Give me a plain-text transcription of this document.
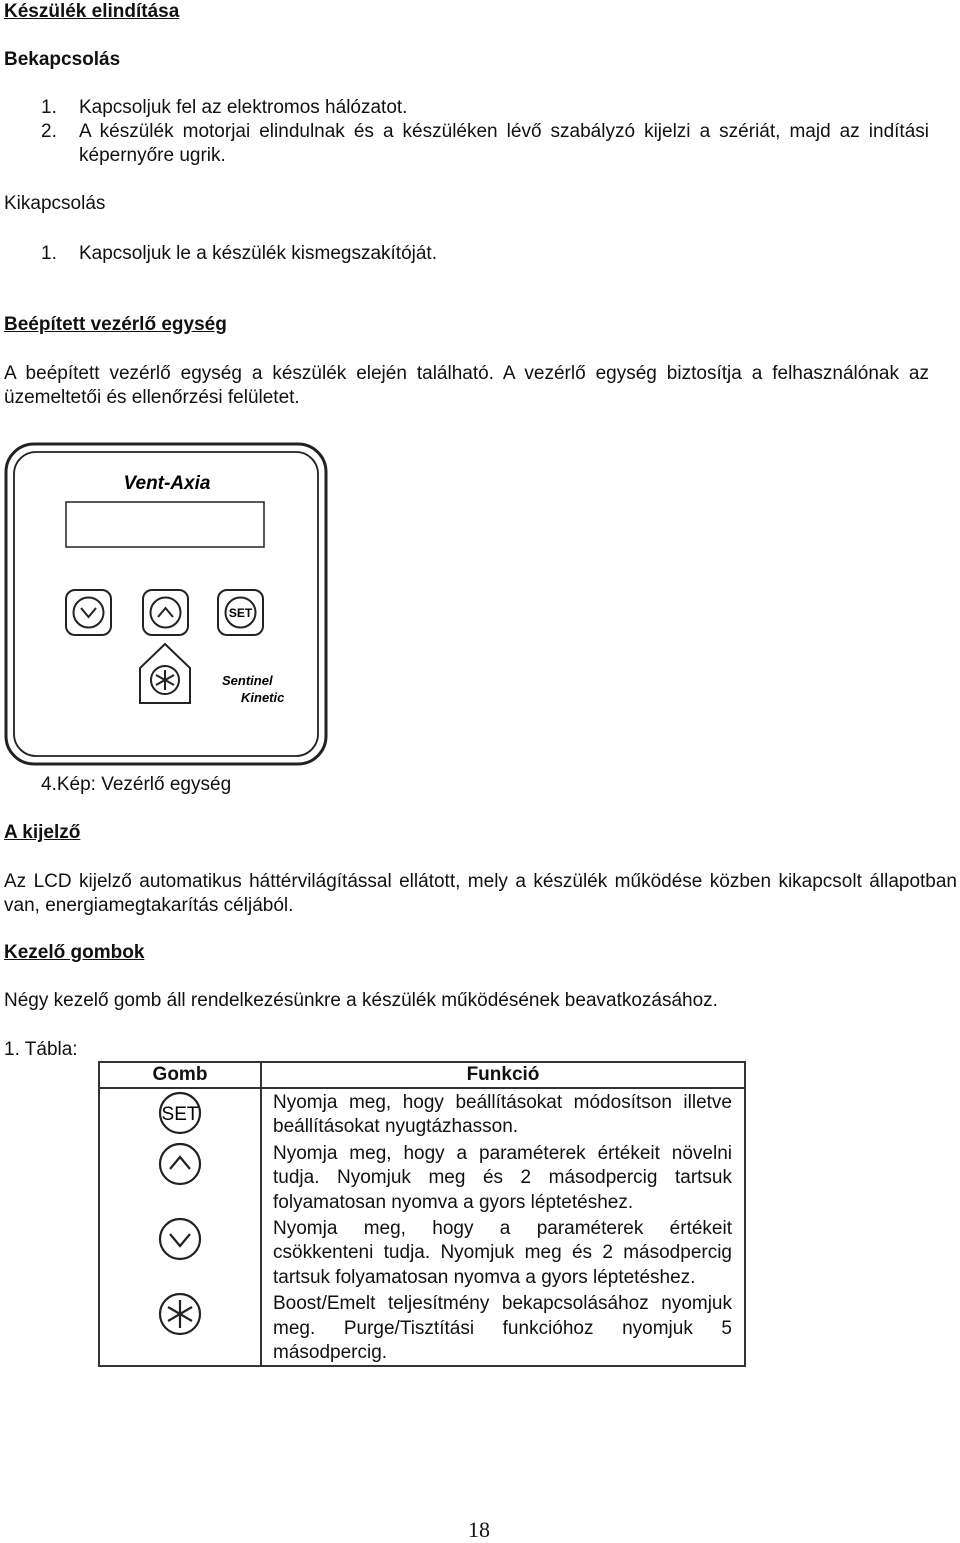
Készülék elindítása
Bekapcsolás
1. Kapcsoljuk fel az elektromos hálózatot.
2.	A készülék motorjai elindulnak és a készüléken lévő szabályzó kijelzi a szériát, majd az indítási képernyőre ugrik.
Kikapcsolás
1. Kapcsoljuk le a készülék kismegszakítóját.
Beépített vezérlő egység
A beépített vezérlő egység a készülék elején található. A vezérlő egység biztosítja a felhasználónak az üzemeltetői és ellenőrzési felületet.
Vent-Axia
SET
Sentinel
Kinetic
4.Kép: Vezérlő egység
A kijelző
Az LCD kijelző automatikus háttérvilágítással ellátott, mely a készülék működése közben kikapcsolt állapotban van, energiamegtakarítás céljából.
Kezelő gombok
Négy kezelő gomb áll rendelkezésünkre a készülék működésének beavatkozásához.
1. Tábla:
Gomb	Funkció

SET	Nyomja meg, hogy beállításokat módosítson illetve beállításokat nyugtázhasson.

	Nyomja meg, hogy a paraméterek értékeit növelni tudja. Nyomjuk meg és 2 másodpercig tartsuk folyamatosan nyomva a gyors léptetéshez.

	Nyomja meg, hogy a paraméterek értékeit csökkenteni tudja. Nyomjuk meg és 2 másodpercig tartsuk folyamatosan nyomva a gyors léptetéshez.

	Boost/Emelt teljesítmény bekapcsolásához nyomjuk meg. Purge/Tisztítási funkcióhoz nyomjuk 5 másodpercig.
18
